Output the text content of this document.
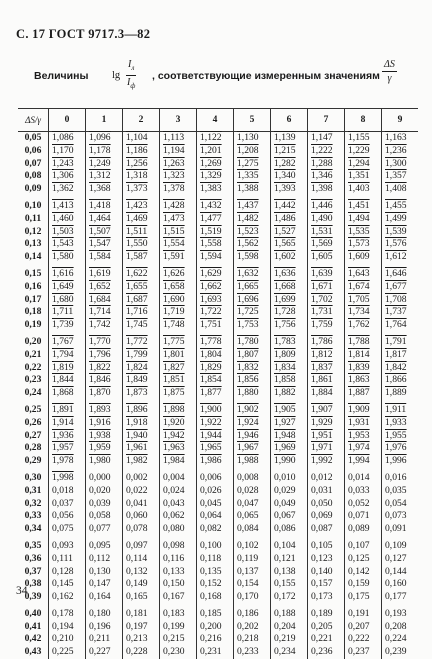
С. 17 ГОСТ 9717.3—82
Величины lg
$I_л$
$I_ф$
, соответствующие измеренным значениям $\frac{\Delta S}{\gamma}$
ΔS/γ	0	1	2	3	4	5	6	7	8	9
0,05	1,086	1,096	1,104	1,113	1,122	1,130	1,139	1,147	1,155	1,163
0,06	1,170	1,178	1,186	1,194	1,201	1,208	1,215	1,222	1,229	1,236
0,07	1,243	1,249	1,256	1,263	1,269	1,275	1,282	1,288	1,294	1,300
0,08	1,306	1,312	1,318	1,323	1,329	1,335	1,340	1,346	1,351	1,357
0,09	1,362	1,368	1,373	1,378	1,383	1,388	1,393	1,398	1,403	1,408
0,10	1,413	1,418	1,423	1,428	1,432	1,437	1,442	1,446	1,451	1,455
0,11	1,460	1,464	1,469	1,473	1,477	1,482	1,486	1,490	1,494	1,499
0,12	1,503	1,507	1,511	1,515	1,519	1,523	1,527	1,531	1,535	1,539
0,13	1,543	1,547	1,550	1,554	1,558	1,562	1,565	1,569	1,573	1,576
0,14	1,580	1,584	1,587	1,591	1,594	1,598	1,602	1,605	1,609	1,612
0,15	1,616	1,619	1,622	1,626	1,629	1,632	1,636	1,639	1,643	1,646
0,16	1,649	1,652	1,655	1,658	1,662	1,665	1,668	1,671	1,674	1,677
0,17	1,680	1,684	1,687	1,690	1,693	1,696	1,699	1,702	1,705	1,708
0,18	1,711	1,714	1,716	1,719	1,722	1,725	1,728	1,731	1,734	1,737
0,19	1,739	1,742	1,745	1,748	1,751	1,753	1,756	1,759	1,762	1,764
0,20	1,767	1,770	1,772	1,775	1,778	1,780	1,783	1,786	1,788	1,791
0,21	1,794	1,796	1,799	1,801	1,804	1,807	1,809	1,812	1,814	1,817
0,22	1,819	1,822	1,824	1,827	1,829	1,832	1,834	1,837	1,839	1,842
0,23	1,844	1,846	1,849	1,851	1,854	1,856	1,858	1,861	1,863	1,866
0,24	1,868	1,870	1,873	1,875	1,877	1,880	1,882	1,884	1,887	1,889
0,25	1,891	1,893	1,896	1,898	1,900	1,902	1,905	1,907	1,909	1,911
0,26	1,914	1,916	1,918	1,920	1,922	1,924	1,927	1,929	1,931	1,933
0,27	1,936	1,938	1,940	1,942	1,944	1,946	1,948	1,951	1,953	1,955
0,28	1,957	1,959	1,961	1,963	1,965	1,967	1,969	1,971	1,974	1,976
0,29	1,978	1,980	1,982	1,984	1,986	1,988	1,990	1,992	1,994	1,996
0,30	1,998	0,000	0,002	0,004	0,006	0,008	0,010	0,012	0,014	0,016
0,31	0,018	0,020	0,022	0,024	0,026	0,028	0,029	0,031	0,033	0,035
0,32	0,037	0,039	0,041	0,043	0,045	0,047	0,049	0,050	0,052	0,054
0,33	0,056	0,058	0,060	0,062	0,064	0,065	0,067	0,069	0,071	0,073
0,34	0,075	0,077	0,078	0,080	0,082	0,084	0,086	0,087	0,089	0,091
0,35	0,093	0,095	0,097	0,098	0,100	0,102	0,104	0,105	0,107	0,109
0,36	0,111	0,112	0,114	0,116	0,118	0,119	0,121	0,123	0,125	0,127
0,37	0,128	0,130	0,132	0,133	0,135	0,137	0,138	0,140	0,142	0,144
0,38	0,145	0,147	0,149	0,150	0,152	0,154	0,155	0,157	0,159	0,160
0,39	0,162	0,164	0,165	0,167	0,168	0,170	0,172	0,173	0,175	0,177
0,40	0,178	0,180	0,181	0,183	0,185	0,186	0,188	0,189	0,191	0,193
0,41	0,194	0,196	0,197	0,199	0,200	0,202	0,204	0,205	0,207	0,208
0,42	0,210	0,211	0,213	0,215	0,216	0,218	0,219	0,221	0,222	0,224
0,43	0,225	0,227	0,228	0,230	0,231	0,233	0,234	0,236	0,237	0,239
34
